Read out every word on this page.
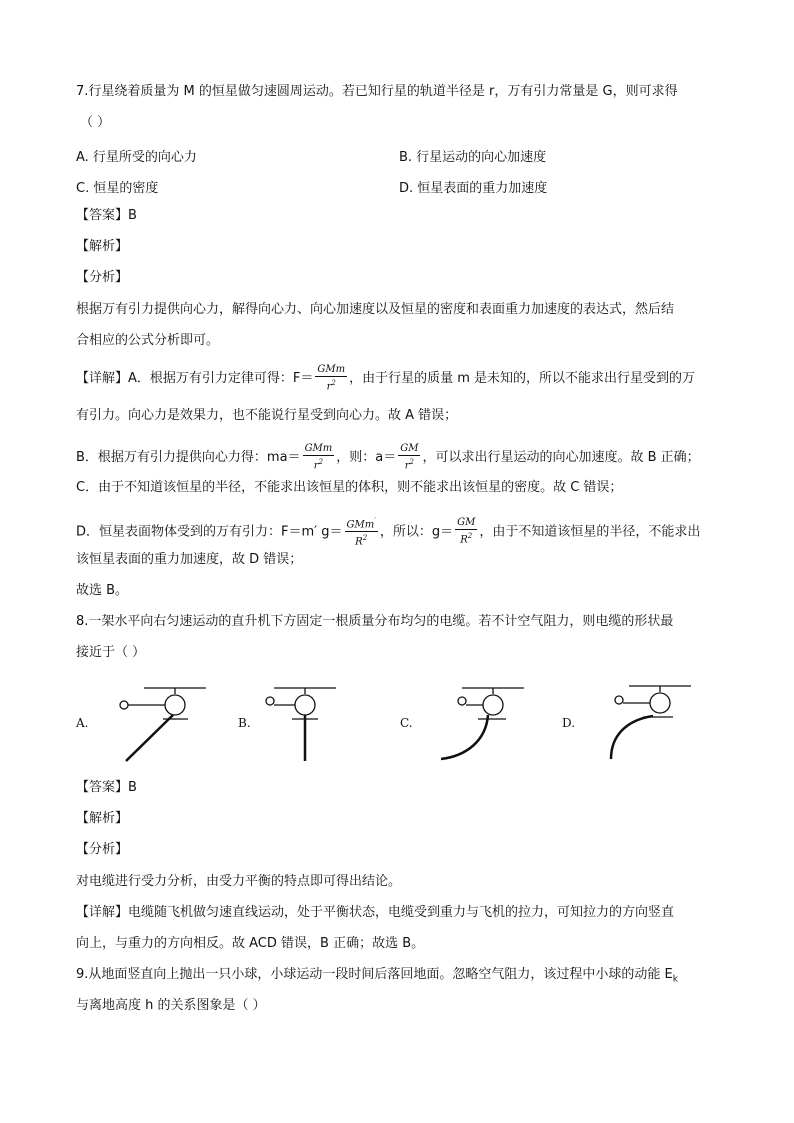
7.行星绕着质量为 M 的恒星做匀速圆周运动。若已知行星的轨道半径是 r，万有引力常量是 G，则可求得
（ ）
A. 行星所受的向心力	B. 行星运动的向心加速度
C. 恒星的密度	D. 恒星表面的重力加速度
【答案】B
【解析】
【分析】
根据万有引力提供向心力，解得向心力、向心加速度以及恒星的密度和表面重力加速度的表达式，然后结
合相应的公式分析即可。
【详解】A．根据万有引力定律可得：$F= \frac{\text{GMm}}{r^2}$ ，由于行星的质量 m 是未知的，所以不能求出行星受到的万
有引力。向心力是效果力，也不能说行星受到向心力。故 A 错误；
B．根据万有引力提供向心力得：$ma= \frac{\text{GMm}}{r^2}$ ，则：$a= \frac{GM}{r^2}$ ，可以求出行星运动的向心加速度。故 B 正确；
C．由于不知道该恒星的半径，不能求出该恒星的体积，则不能求出该恒星的密度。故 C 错误；
D．恒星表面物体受到的万有引力：F＝m′ $g= \frac{GMm'}{R^2}$ ，所以：$g= \frac{GM}{R^2}$ ，由于不知道该恒星的半径，不能求出
该恒星表面的重力加速度，故 D 错误；
故选 B。
8.一架水平向右匀速运动的直升机下方固定一根质量分布均匀的电缆。若不计空气阻力，则电缆的形状最
接近于（ ）
A.	B.	C.	D.
【答案】B
【解析】
【分析】
对电缆进行受力分析，由受力平衡的特点即可得出结论。
【详解】电缆随飞机做匀速直线运动，处于平衡状态，电缆受到重力与飞机的拉力，可知拉力的方向竖直
向上，与重力的方向相反。故 ACD 错误，B 正确；故选 B。
9.从地面竖直向上抛出一只小球，小球运动一段时间后落回地面。忽略空气阻力，该过程中小球的动能 $E_k$
与离地高度 h 的关系图象是（ ）
